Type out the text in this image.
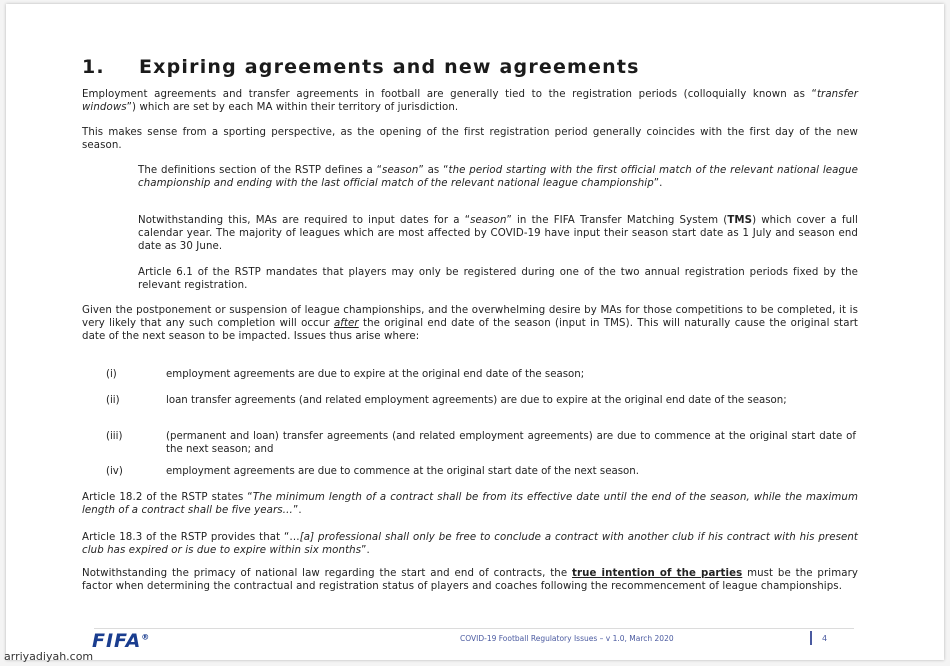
1. Expiring agreements and new agreements
Employment agreements and transfer agreements in football are generally tied to the registration periods (colloquially known as “transfer windows”) which are set by each MA within their territory of jurisdiction.
This makes sense from a sporting perspective, as the opening of the first registration period generally coincides with the first day of the new season.
The definitions section of the RSTP defines a “season” as “the period starting with the first official match of the relevant national league championship and ending with the last official match of the relevant national league championship”.
Notwithstanding this, MAs are required to input dates for a “season” in the FIFA Transfer Matching System (TMS) which cover a full calendar year. The majority of leagues which are most affected by COVID-19 have input their season start date as 1 July and season end date as 30 June.
Article 6.1 of the RSTP mandates that players may only be registered during one of the two annual registration periods fixed by the relevant registration.
Given the postponement or suspension of league championships, and the overwhelming desire by MAs for those competitions to be completed, it is very likely that any such completion will occur after the original end date of the season (input in TMS). This will naturally cause the original start date of the next season to be impacted. Issues thus arise where:
(i)	employment agreements are due to expire at the original end date of the season;
(ii)	loan transfer agreements (and related employment agreements) are due to expire at the original end date of the season;
(iii)	(permanent and loan) transfer agreements (and related employment agreements) are due to commence at the original start date of the next season; and
(iv)	employment agreements are due to commence at the original start date of the next season.
Article 18.2 of the RSTP states “The minimum length of a contract shall be from its effective date until the end of the season, while the maximum length of a contract shall be five years…”.
Article 18.3 of the RSTP provides that “…[a] professional shall only be free to conclude a contract with another club if his contract with his present club has expired or is due to expire within six months”.
Notwithstanding the primacy of national law regarding the start and end of contracts, the true intention of the parties must be the primary factor when determining the contractual and registration status of players and coaches following the recommencement of league championships.
FIFA®	COVID-19 Football Regulatory Issues – v 1.0, March 2020	4
arriyadiyah.com
